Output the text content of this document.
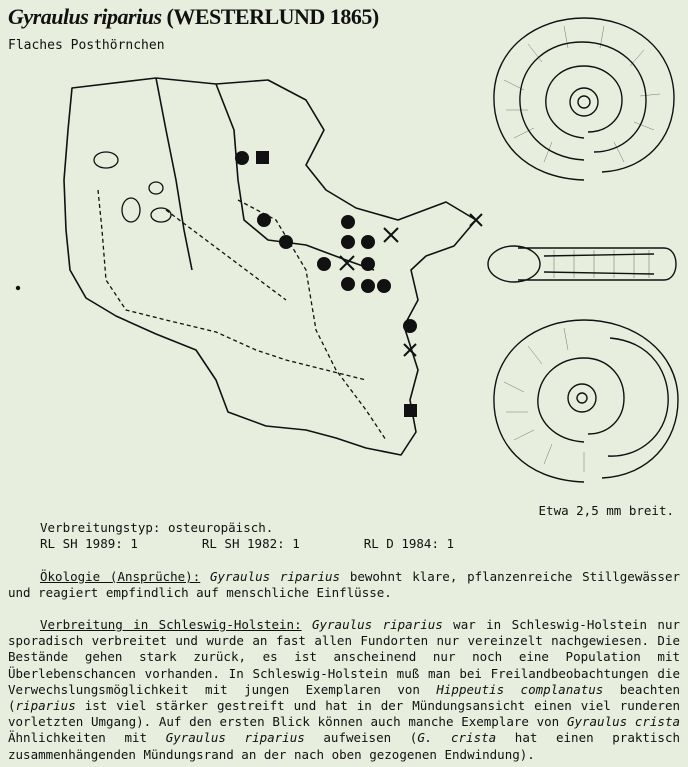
Gyraulus riparius (WESTERLUND 1865)
Flaches Posthörnchen
Etwa 2,5 mm breit.
Verbreitungstyp: osteuropäisch.
RL SH 1989: 1	RL SH 1982: 1	RL D 1984: 1
Ökologie (Ansprüche): Gyraulus riparius bewohnt klare, pflanzenreiche Stillgewässer und reagiert empfindlich auf menschliche Einflüsse.
Verbreitung in Schleswig-Holstein: Gyraulus riparius war in Schleswig-Holstein nur sporadisch verbreitet und wurde an fast allen Fundorten nur vereinzelt nachgewiesen. Die Bestände gehen stark zurück, es ist anscheinend nur noch eine Population mit Überlebenschancen vorhanden. In Schleswig-Holstein muß man bei Freilandbeobachtungen die Verwechslungsmöglichkeit mit jungen Exemplaren von Hippeutis complanatus beachten (riparius ist viel stärker gestreift und hat in der Mündungsansicht einen viel runderen vorletzten Umgang). Auf den ersten Blick können auch manche Exemplare von Gyraulus crista Ähnlichkeiten mit Gyraulus riparius aufweisen (G. crista hat einen praktisch zusammenhängenden Mündungsrand an der nach oben gezogenen Endwindung).
